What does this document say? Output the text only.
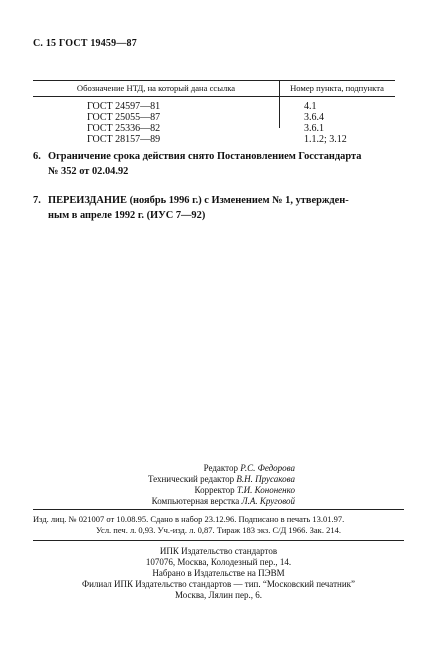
С. 15 ГОСТ 19459—87
Обозначение НТД, на который дана ссылка	Номер пункта, подпункта
ГОСТ 24597—81	4.1
ГОСТ 25055—87	3.6.4
ГОСТ 25336—82	3.6.1
ГОСТ 28157—89	1.1.2; 3.12
6. Ограничение срока действия снято Постановлением Госстандарта
№ 352 от 02.04.92
7. ПЕРЕИЗДАНИЕ (ноябрь 1996 г.) с Изменением № 1, утвержден-
ным в апреле 1992 г. (ИУС 7—92)
Редактор Р.С. Федорова
Технический редактор В.Н. Прусакова
Корректор Т.И. Кононенко
Компьютерная верстка Л.А. Круговой
Изд. лиц. № 021007 от 10.08.95. Сдано в набор 23.12.96. Подписано в печать 13.01.97.
Усл. печ. л. 0,93. Уч.-изд. л. 0,87. Тираж 183 экз. С/Д 1966. Зак. 214.
ИПК Издательство стандартов
107076, Москва, Колодезный пер., 14.
Набрано в Издательстве на ПЭВМ
Филиал ИПК Издательство стандартов — тип. “Московский печатник”
Москва, Лялин пер., 6.
